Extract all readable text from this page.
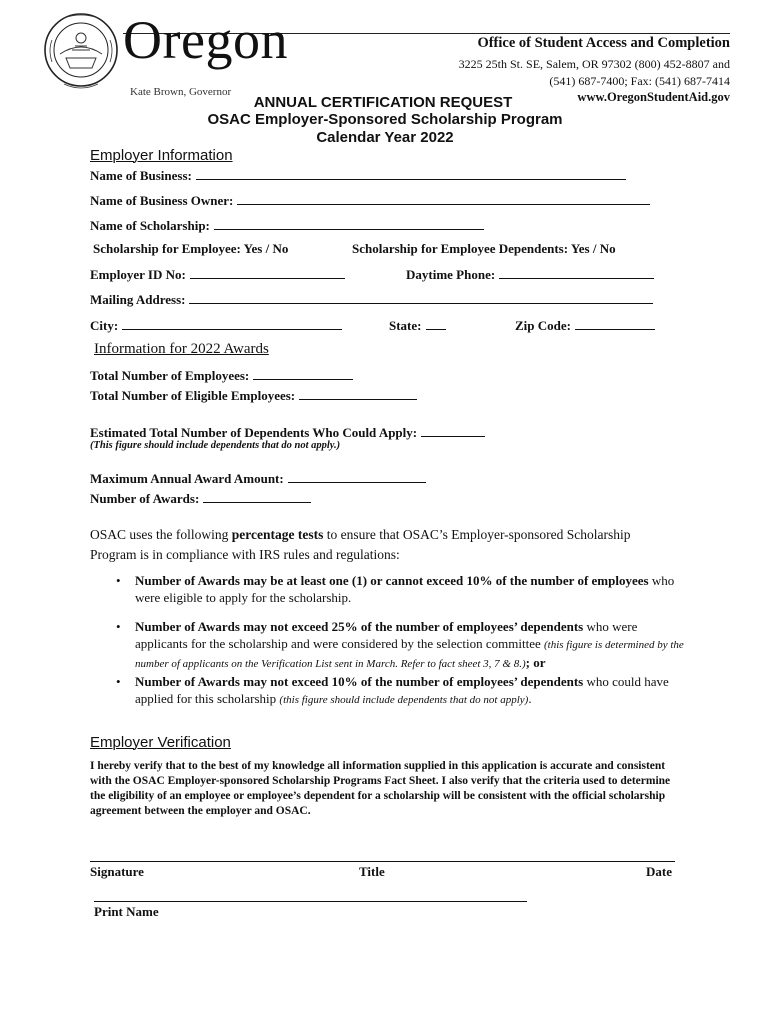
Oregon
Kate Brown, Governor
Office of Student Access and Completion
3225 25th St. SE, Salem, OR 97302 (800) 452-8807 and
(541) 687-7400; Fax: (541) 687-7414
www.OregonStudentAid.gov
ANNUAL CERTIFICATION REQUEST
OSAC Employer-Sponsored Scholarship Program
Calendar Year 2022
Employer Information
Name of Business:
Name of Business Owner:
Name of Scholarship:
Scholarship for Employee: Yes / No	Scholarship for Employee Dependents: Yes / No
Employer ID No:	Daytime Phone:
Mailing Address:
City:	State:	Zip Code:
Information for 2022 Awards
Total Number of Employees:
Total Number of Eligible Employees:
Estimated Total Number of Dependents Who Could Apply:
(This figure should include dependents that do not apply.)
Maximum Annual Award Amount:
Number of Awards:
OSAC uses the following percentage tests to ensure that OSAC’s Employer-sponsored Scholarship Program is in compliance with IRS rules and regulations:
• Number of Awards may be at least one (1) or cannot exceed 10% of the number of employees who were eligible to apply for the scholarship.
• Number of Awards may not exceed 25% of the number of employees’ dependents who were applicants for the scholarship and were considered by the selection committee (this figure is determined by the number of applicants on the Verification List sent in March. Refer to fact sheet 3, 7 & 8.); or
• Number of Awards may not exceed 10% of the number of employees’ dependents who could have applied for this scholarship (this figure should include dependents that do not apply).
Employer Verification
I hereby verify that to the best of my knowledge all information supplied in this application is accurate and consistent with the OSAC Employer-sponsored Scholarship Programs Fact Sheet. I also verify that the criteria used to determine the eligibility of an employee or employee’s dependent for a scholarship will be consistent with the official scholarship agreement between the employer and OSAC.
Signature	Title	Date
Print Name
